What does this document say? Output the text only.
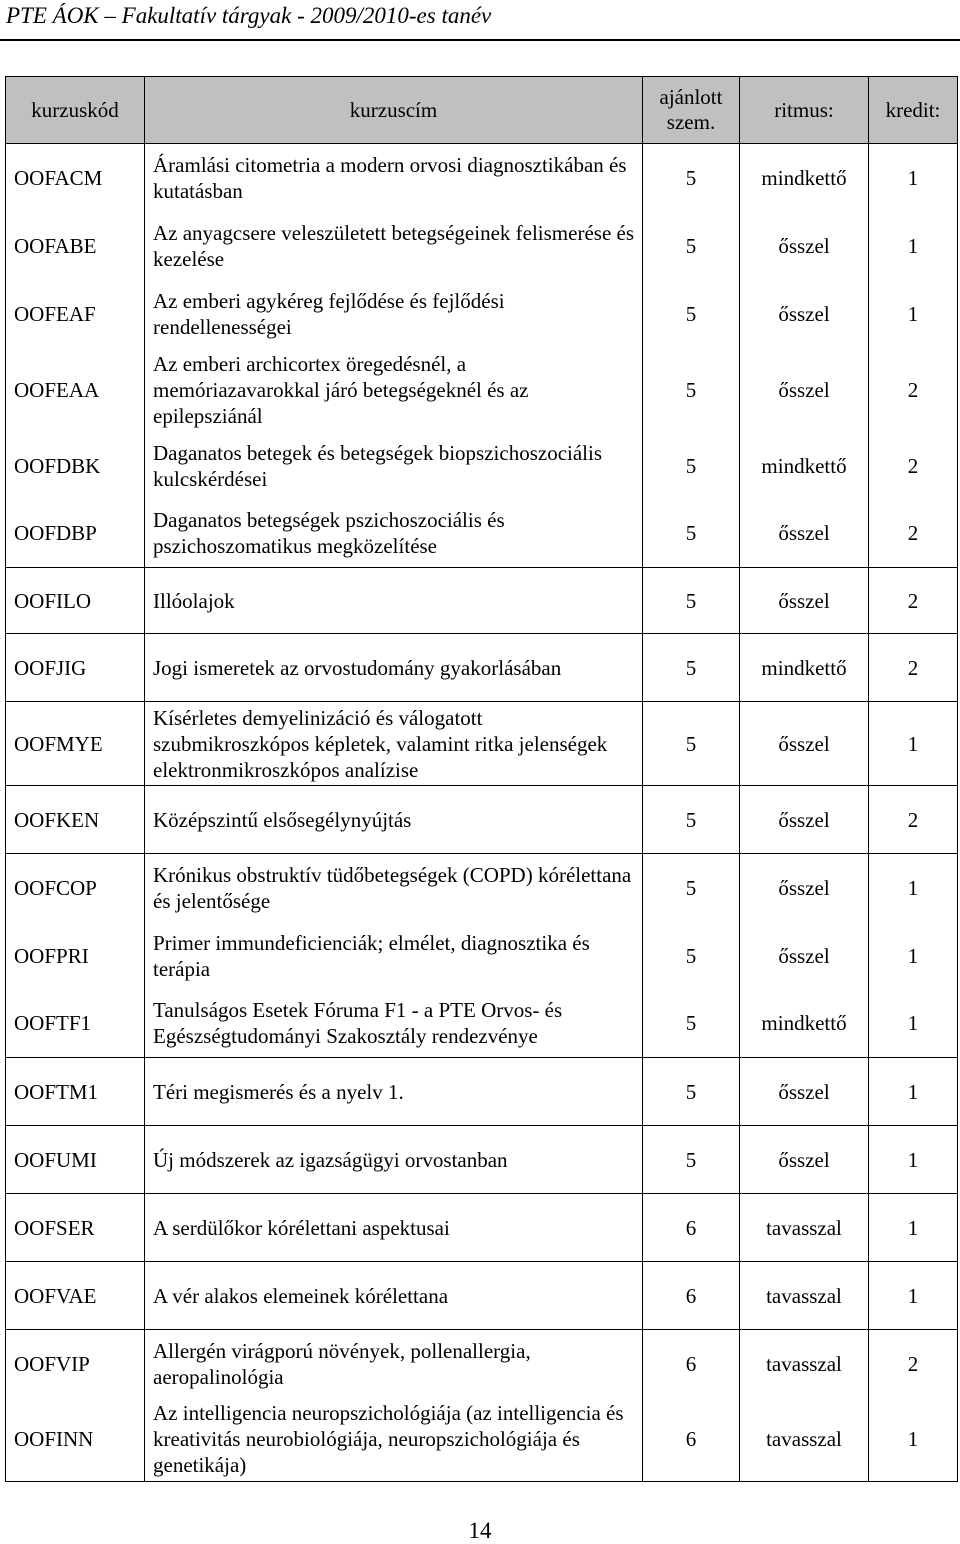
PTE ÁOK – Fakultatív tárgyak - 2009/2010-es tanév
kurzuskód	kurzuscím	ajánlott szem.	ritmus:	kredit:
OOFACM	Áramlási citometria a modern orvosi diagnosztikában és kutatásban	5	mindkettő	1
OOFABE	Az anyagcsere veleszületett betegségeinek felismerése és kezelése	5	ősszel	1
OOFEAF	Az emberi agykéreg fejlődése és fejlődési rendellenességei	5	ősszel	1
OOFEAA	Az emberi archicortex öregedésnél, a memóriazavarokkal járó betegségeknél és az epilepsziánál	5	ősszel	2
OOFDBK	Daganatos betegek és betegségek biopszichoszociális kulcskérdései	5	mindkettő	2
OOFDBP	Daganatos betegségek pszichoszociális és pszichoszomatikus megközelítése	5	ősszel	2
OOFILO	Illóolajok	5	ősszel	2
OOFJIG	Jogi ismeretek az orvostudomány gyakorlásában	5	mindkettő	2
OOFMYE	Kísérletes demyelinizáció és válogatott szubmikroszkópos képletek, valamint ritka jelenségek elektronmikroszkópos analízise	5	ősszel	1
OOFKEN	Középszintű elsősegélynyújtás	5	ősszel	2
OOFCOP	Krónikus obstruktív tüdőbetegségek (COPD) kórélettana és jelentősége	5	ősszel	1
OOFPRI	Primer immundeficienciák; elmélet, diagnosztika és terápia	5	ősszel	1
OOFTF1	Tanulságos Esetek Fóruma F1 - a PTE Orvos- és Egészségtudományi Szakosztály rendezvénye	5	mindkettő	1
OOFTM1	Téri megismerés és a nyelv 1.	5	ősszel	1
OOFUMI	Új módszerek az igazságügyi orvostanban	5	ősszel	1
OOFSER	A serdülőkor kórélettani aspektusai	6	tavasszal	1
OOFVAE	A vér alakos elemeinek kórélettana	6	tavasszal	1
OOFVIP	Allergén virágporú növények, pollenallergia, aeropalinológia	6	tavasszal	2
OOFINN	Az intelligencia neuropszichológiája (az intelligencia és kreativitás neurobiológiája, neuropszichológiája és genetikája)	6	tavasszal	1
14
